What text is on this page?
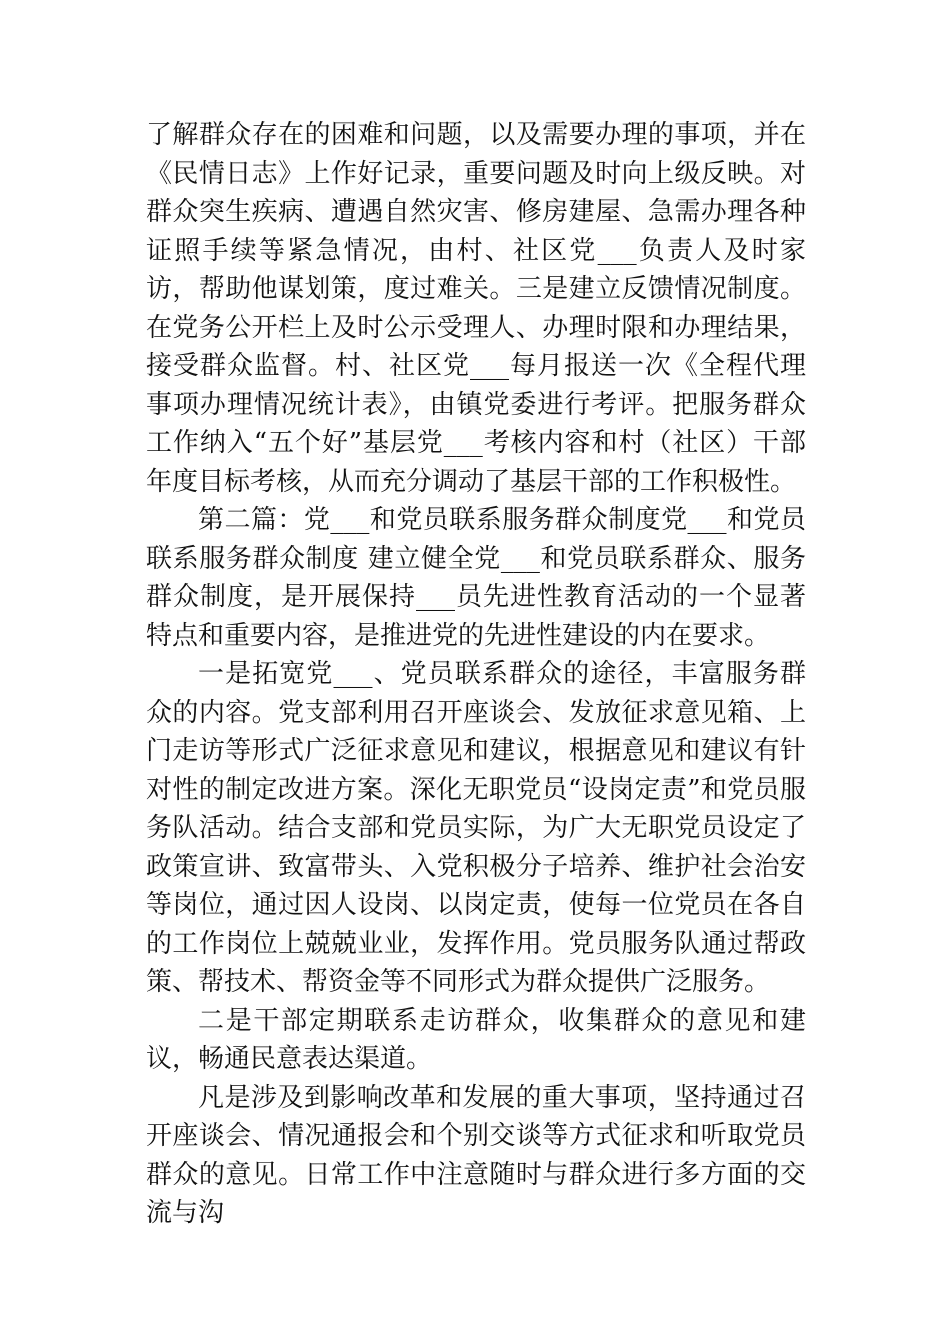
了解群众存在的困难和问题，以及需要办理的事项，并在《民情日志》上作好记录，重要问题及时向上级反映。对群众突生疾病、遭遇自然灾害、修房建屋、急需办理各种证照手续等紧急情况，由村、社区党___负责人及时家访，帮助他谋划策，度过难关。三是建立反馈情况制度。在党务公开栏上及时公示受理人、办理时限和办理结果，接受群众监督。村、社区党___每月报送一次《全程代理事项办理情况统计表》，由镇党委进行考评。把服务群众工作纳入“五个好”基层党___考核内容和村（社区）干部年度目标考核，从而充分调动了基层干部的工作积极性。

第二篇：党___和党员联系服务群众制度党___和党员联系服务群众制度 建立健全党___和党员联系群众、服务群众制度，是开展保持___员先进性教育活动的一个显著特点和重要内容，是推进党的先进性建设的内在要求。

一是拓宽党___、党员联系群众的途径，丰富服务群众的内容。党支部利用召开座谈会、发放征求意见箱、上门走访等形式广泛征求意见和建议，根据意见和建议有针对性的制定改进方案。深化无职党员“设岗定责”和党员服务队活动。结合支部和党员实际，为广大无职党员设定了政策宣讲、致富带头、入党积极分子培养、维护社会治安等岗位，通过因人设岗、以岗定责，使每一位党员在各自的工作岗位上兢兢业业，发挥作用。党员服务队通过帮政策、帮技术、帮资金等不同形式为群众提供广泛服务。

二是干部定期联系走访群众，收集群众的意见和建议，畅通民意表达渠道。

凡是涉及到影响改革和发展的重大事项，坚持通过召开座谈会、情况通报会和个别交谈等方式征求和听取党员群众的意见。日常工作中注意随时与群众进行多方面的交流与沟
